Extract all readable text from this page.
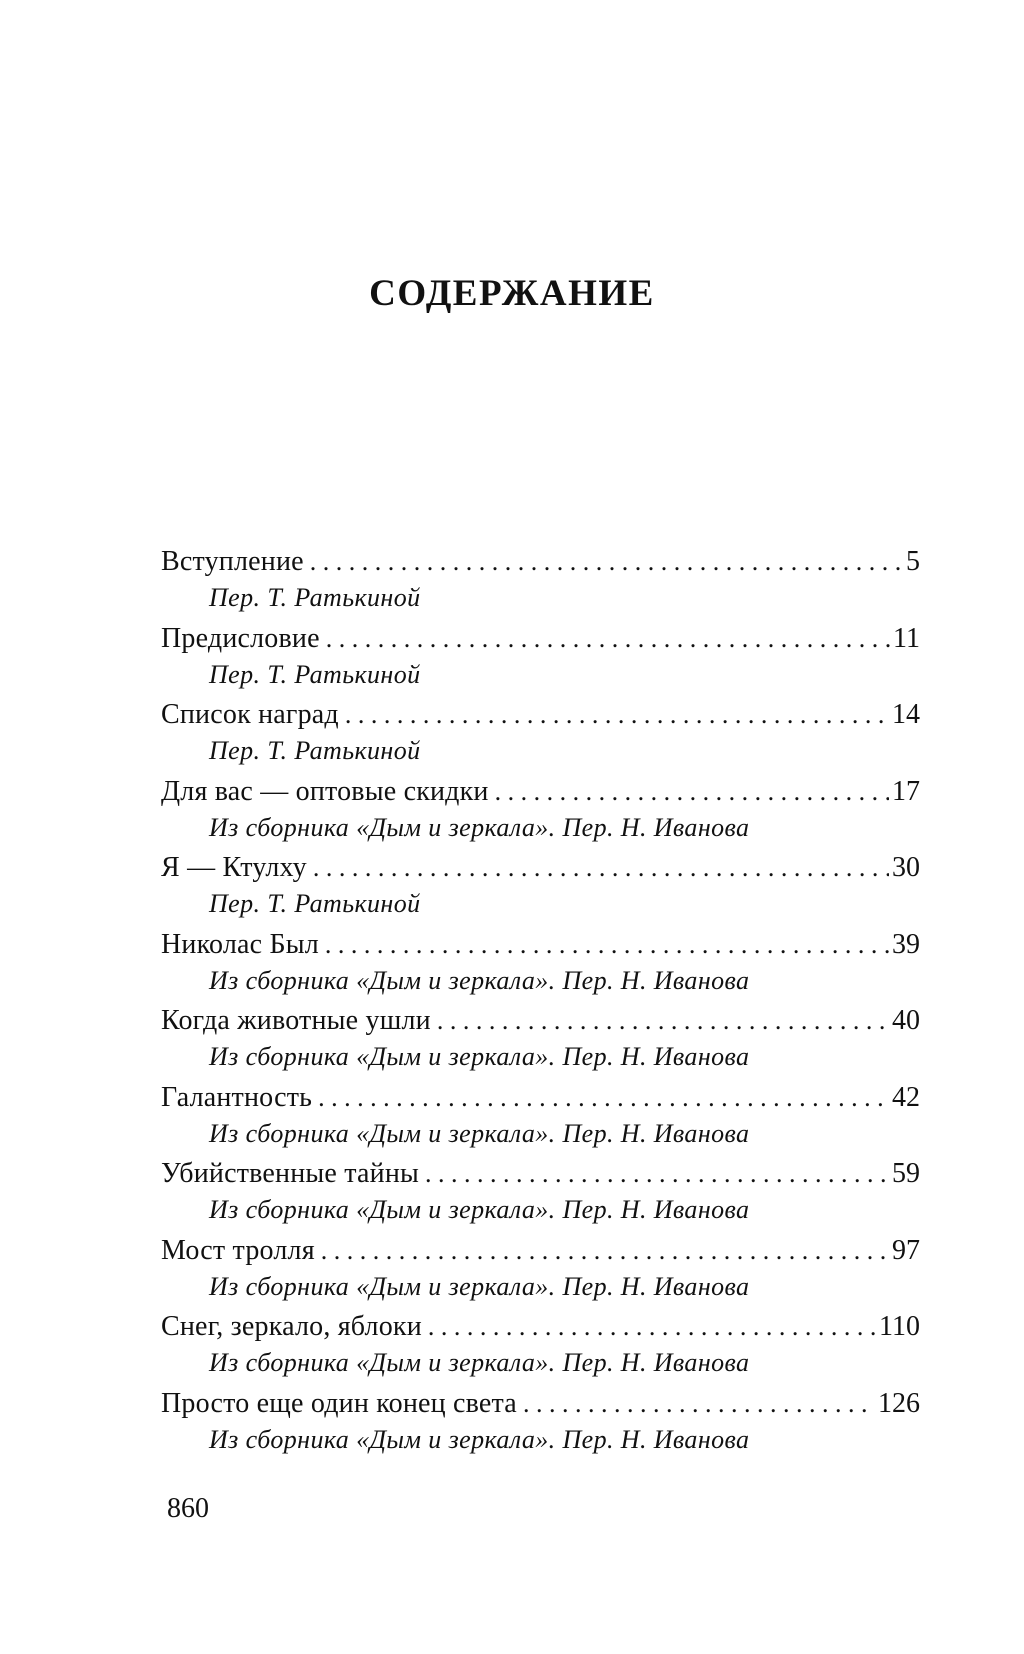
СОДЕРЖАНИЕ
Вступление . . .	5
Пер. Т. Ратькиной
Предисловие . . .	11
Пер. Т. Ратькиной
Список наград . . .	14
Пер. Т. Ратькиной
Для вас — оптовые скидки . . .	17
Из сборника «Дым и зеркала». Пер. Н. Иванова
Я — Ктулху . . .	30
Пер. Т. Ратькиной
Николас Был . . .	39
Из сборника «Дым и зеркала». Пер. Н. Иванова
Когда животные ушли . . .	40
Из сборника «Дым и зеркала». Пер. Н. Иванова
Галантность . . .	42
Из сборника «Дым и зеркала». Пер. Н. Иванова
Убийственные тайны . . .	59
Из сборника «Дым и зеркала». Пер. Н. Иванова
Мост тролля . . .	97
Из сборника «Дым и зеркала». Пер. Н. Иванова
Снег, зеркало, яблоки . . .	110
Из сборника «Дым и зеркала». Пер. Н. Иванова
Просто еще один конец света . . .	126
Из сборника «Дым и зеркала». Пер. Н. Иванова
860
